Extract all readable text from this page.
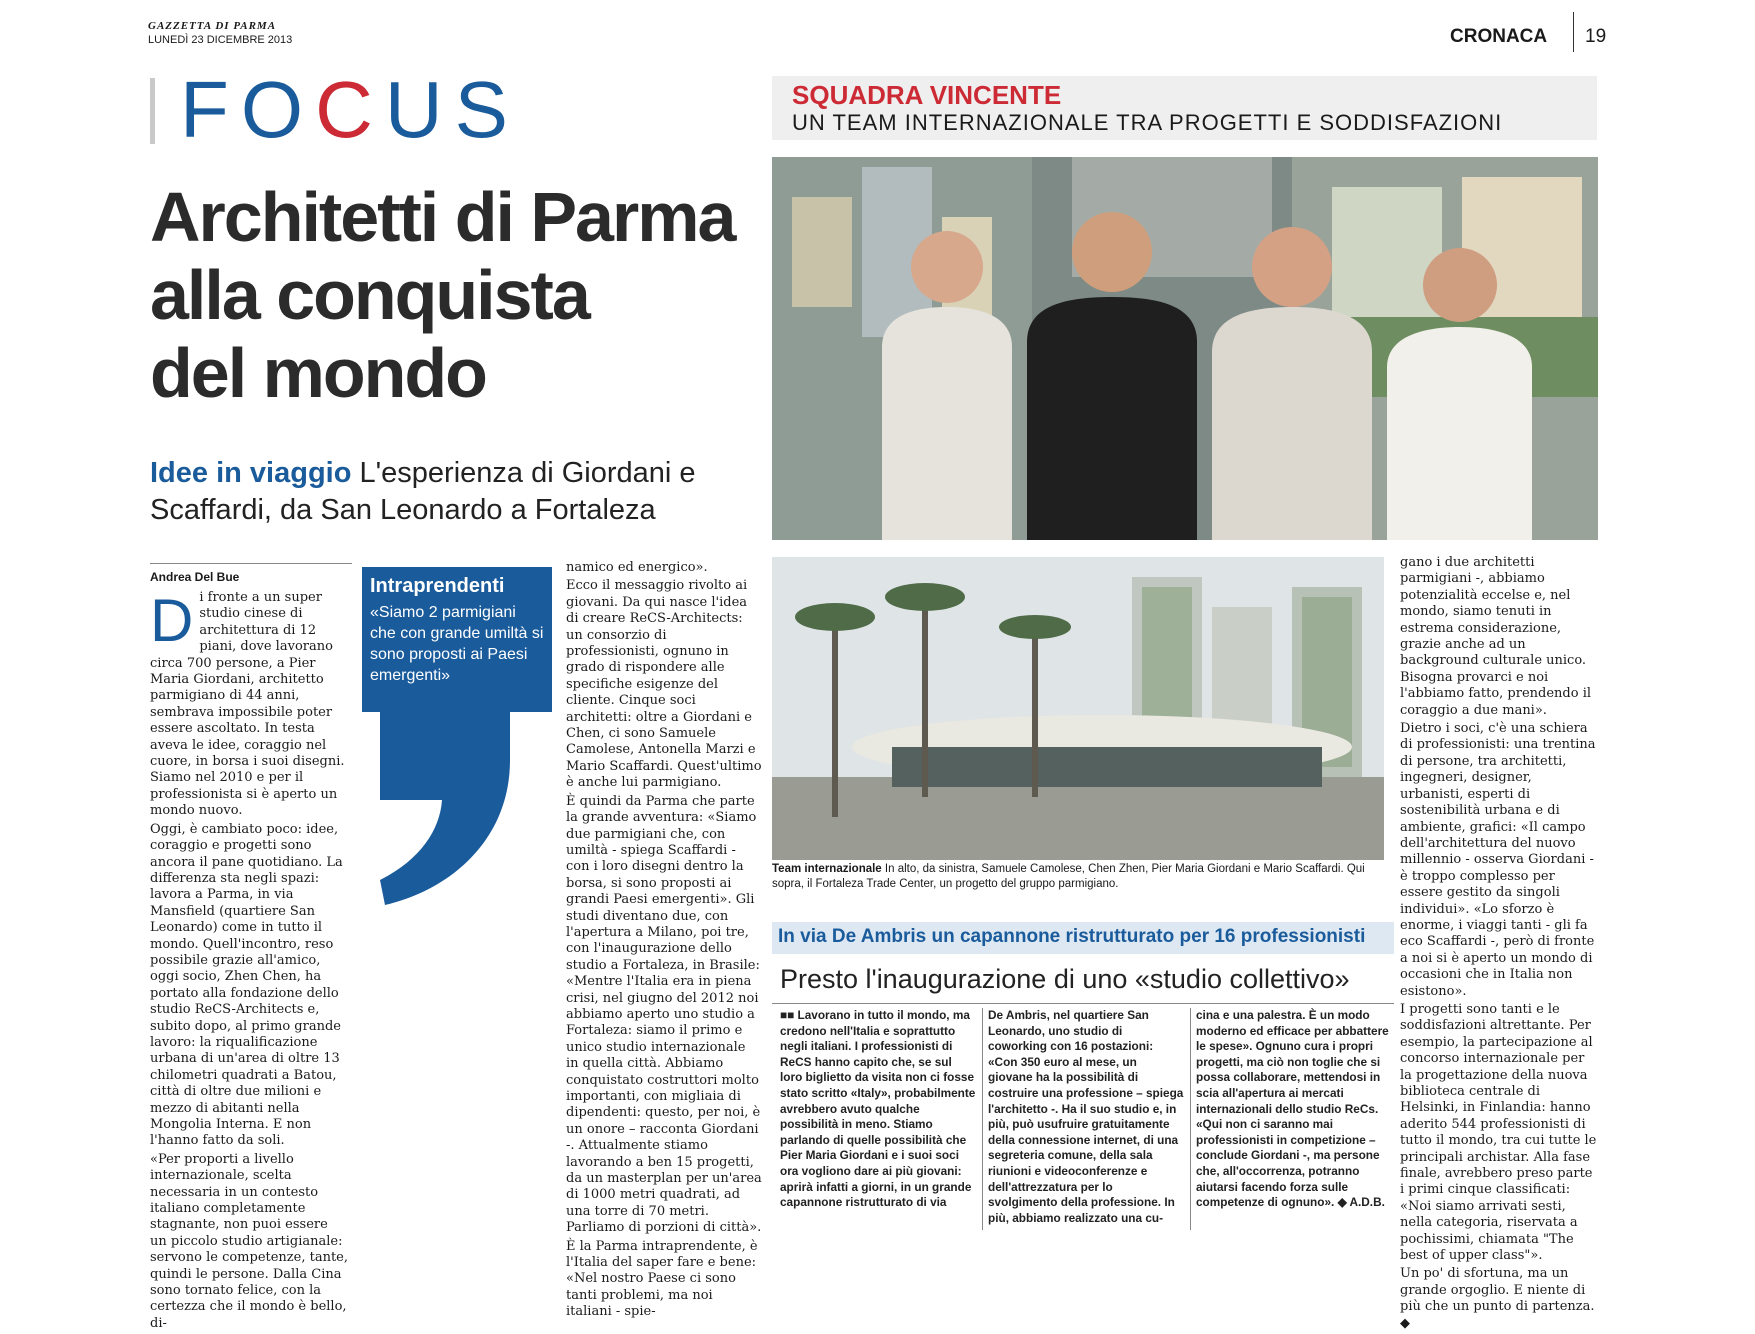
GAZZETTA DI PARMA
LUNEDÌ 23 DICEMBRE 2013	CRONACA 19
FOCUS	SQUADRA VINCENTE
UN TEAM INTERNAZIONALE TRA PROGETTI E SODDISFAZIONI
Architetti di Parma
alla conquista
del mondo
Idee in viaggio L'esperienza di Giordani e Scaffardi, da San Leonardo a Fortaleza
Andrea Del Bue

Di fronte a un super studio cinese di architettura di 12 piani, dove lavorano circa 700 persone, a Pier Maria Giordani, architetto parmigiano di 44 anni, sembrava impossibile poter essere ascoltato. In testa aveva le idee, coraggio nel cuore, in borsa i suoi disegni. Siamo nel 2010 e per il professionista si è aperto un mondo nuovo.

Oggi, è cambiato poco: idee, coraggio e progetti sono ancora il pane quotidiano. La differenza sta negli spazi: lavora a Parma, in via Mansfield (quartiere San Leonardo) come in tutto il mondo. Quell'incontro, reso possibile grazie all'amico, oggi socio, Zhen Chen, ha portato alla fondazione dello studio ReCS-Architects e, subito dopo, al primo grande lavoro: la riqualificazione urbana di un'area di oltre 13 chilometri quadrati a Batou, città di oltre due milioni e mezzo di abitanti nella Mongolia Interna. E non l'hanno fatto da soli.

«Per proporti a livello internazionale, scelta necessaria in un contesto italiano completamente stagnante, non puoi essere un piccolo studio artigianale: servono le competenze, tante, quindi le persone. Dalla Cina sono tornato felice, con la certezza che il mondo è bello, di-

Intraprendenti
«Siamo 2 parmigiani che con grande umiltà si sono proposti ai Paesi emergenti»

namico ed energico».

Ecco il messaggio rivolto ai giovani. Da qui nasce l'idea di creare ReCS-Architects: un consorzio di professionisti, ognuno in grado di rispondere alle specifiche esigenze del cliente. Cinque soci architetti: oltre a Giordani e Chen, ci sono Samuele Camolese, Antonella Marzi e Mario Scaffardi. Quest'ultimo è anche lui parmigiano.

È quindi da Parma che parte la grande avventura: «Siamo due parmigiani che, con umiltà - spiega Scaffardi - con i loro disegni dentro la borsa, si sono proposti ai grandi Paesi emergenti». Gli studi diventano due, con l'apertura a Milano, poi tre, con l'inaugurazione dello studio a Fortaleza, in Brasile: «Mentre l'Italia era in piena crisi, nel giugno del 2012 noi abbiamo aperto uno studio a Fortaleza: siamo il primo e unico studio internazionale in quella città. Abbiamo conquistato costruttori molto importanti, con migliaia di dipendenti: questo, per noi, è un onore – racconta Giordani -. Attualmente stiamo lavorando a ben 15 progetti, da un masterplan per un'area di 1000 metri quadrati, ad una torre di 70 metri. Parliamo di porzioni di città».

È la Parma intraprendente, è l'Italia del saper fare e bene: «Nel nostro Paese ci sono tanti problemi, ma noi italiani - spie-

Team internazionale In alto, da sinistra, Samuele Camolese, Chen Zhen, Pier Maria Giordani e Mario Scaffardi. Qui sopra, il Fortaleza Trade Center, un progetto del gruppo parmigiano.

gano i due architetti parmigiani -, abbiamo potenzialità eccelse e, nel mondo, siamo tenuti in estrema considerazione, grazie anche ad un background culturale unico. Bisogna provarci e noi l'abbiamo fatto, prendendo il coraggio a due mani».

Dietro i soci, c'è una schiera di professionisti: una trentina di persone, tra architetti, ingegneri, designer, urbanisti, esperti di sostenibilità urbana e di ambiente, grafici: «Il campo dell'architettura del nuovo millennio - osserva Giordani - è troppo complesso per essere gestito da singoli individui». «Lo sforzo è enorme, i viaggi tanti - gli fa eco Scaffardi -, però di fronte a noi si è aperto un mondo di occasioni che in Italia non esistono».

I progetti sono tanti e le soddisfazioni altrettante. Per esempio, la partecipazione al concorso internazionale per la progettazione della nuova biblioteca centrale di Helsinki, in Finlandia: hanno aderito 544 professionisti di tutto il mondo, tra cui tutte le principali archistar. Alla fase finale, avrebbero preso parte i primi cinque classificati: «Noi siamo arrivati sesti, nella categoria, riservata a pochissimi, chiamata "The best of upper class"».

Un po' di sfortuna, ma un grande orgoglio. E niente di più che un punto di partenza. ◆

In via De Ambris un capannone ristrutturato per 16 professionisti
Presto l'inaugurazione di uno «studio collettivo»
■■ Lavorano in tutto il mondo, ma credono nell'Italia e soprattutto negli italiani. I professionisti di ReCS hanno capito che, se sul loro biglietto da visita non ci fosse stato scritto «Italy», probabilmente avrebbero avuto qualche possibilità in meno. Stiamo parlando di quelle possibilità che Pier Maria Giordani e i suoi soci ora vogliono dare ai più giovani: aprirà infatti a giorni, in un grande capannone ristrutturato di via
De Ambris, nel quartiere San Leonardo, uno studio di coworking con 16 postazioni: «Con 350 euro al mese, un giovane ha la possibilità di costruire una professione – spiega l'architetto -. Ha il suo studio e, in più, può usufruire gratuitamente della connessione internet, di una segreteria comune, della sala riunioni e videoconferenze e dell'attrezzatura per lo svolgimento della professione. In più, abbiamo realizzato una cu-
cina e una palestra. È un modo moderno ed efficace per abbattere le spese». Ognuno cura i propri progetti, ma ciò non toglie che si possa collaborare, mettendosi in scia all'apertura ai mercati internazionali dello studio ReCs. «Qui non ci saranno mai professionisti in competizione – conclude Giordani -, ma persone che, all'occorrenza, potranno aiutarsi facendo forza sulle competenze di ognuno». ◆ A.D.B.
